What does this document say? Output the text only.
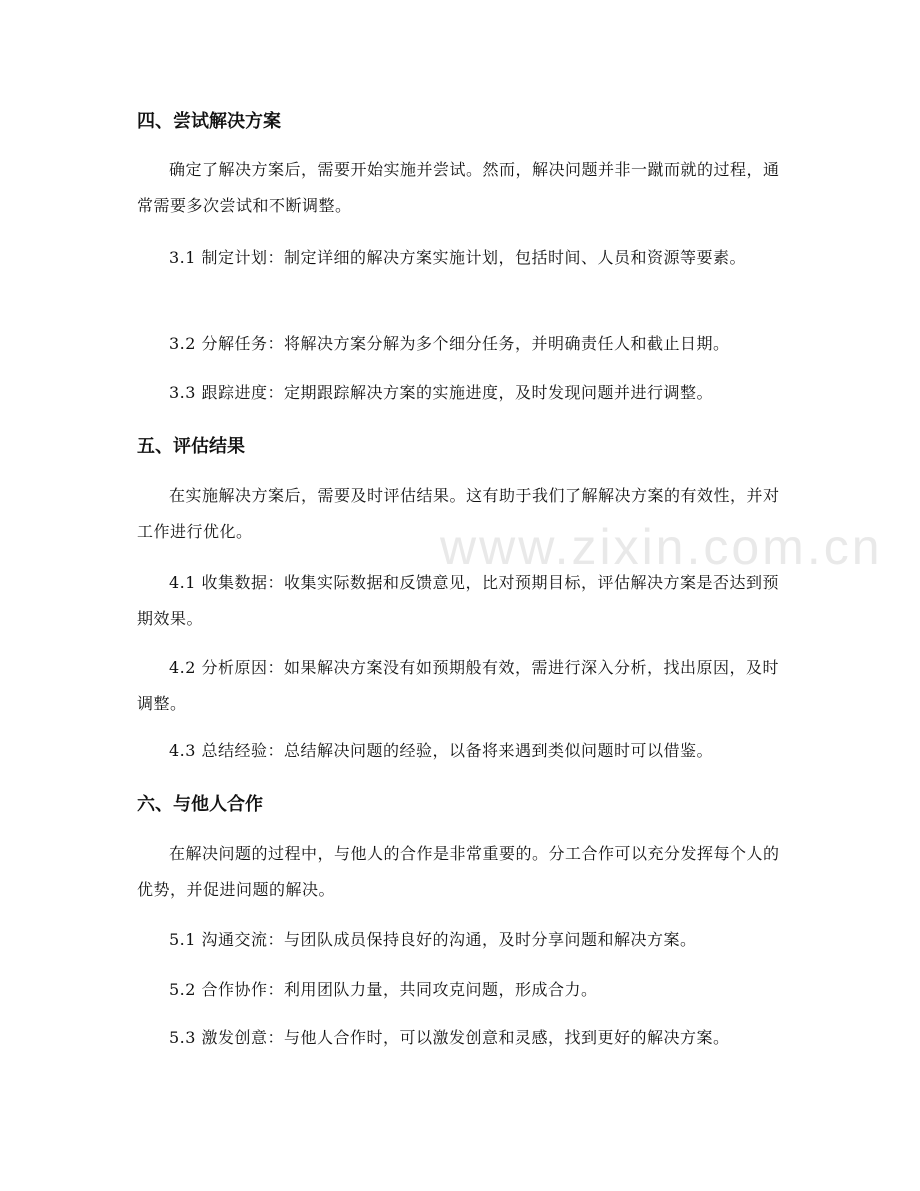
www.zixin.com.cn
四、尝试解决方案

确定了解决方案后，需要开始实施并尝试。然而，解决问题并非一蹴而就的过程，通常需要多次尝试和不断调整。

3.1 制定计划：制定详细的解决方案实施计划，包括时间、人员和资源等要素。

3.2 分解任务：将解决方案分解为多个细分任务，并明确责任人和截止日期。

3.3 跟踪进度：定期跟踪解决方案的实施进度，及时发现问题并进行调整。

五、评估结果

在实施解决方案后，需要及时评估结果。这有助于我们了解解决方案的有效性，并对工作进行优化。

4.1 收集数据：收集实际数据和反馈意见，比对预期目标，评估解决方案是否达到预期效果。

4.2 分析原因：如果解决方案没有如预期般有效，需进行深入分析，找出原因，及时调整。

4.3 总结经验：总结解决问题的经验，以备将来遇到类似问题时可以借鉴。

六、与他人合作

在解决问题的过程中，与他人的合作是非常重要的。分工合作可以充分发挥每个人的优势，并促进问题的解决。

5.1 沟通交流：与团队成员保持良好的沟通，及时分享问题和解决方案。

5.2 合作协作：利用团队力量，共同攻克问题，形成合力。

5.3 激发创意：与他人合作时，可以激发创意和灵感，找到更好的解决方案。
